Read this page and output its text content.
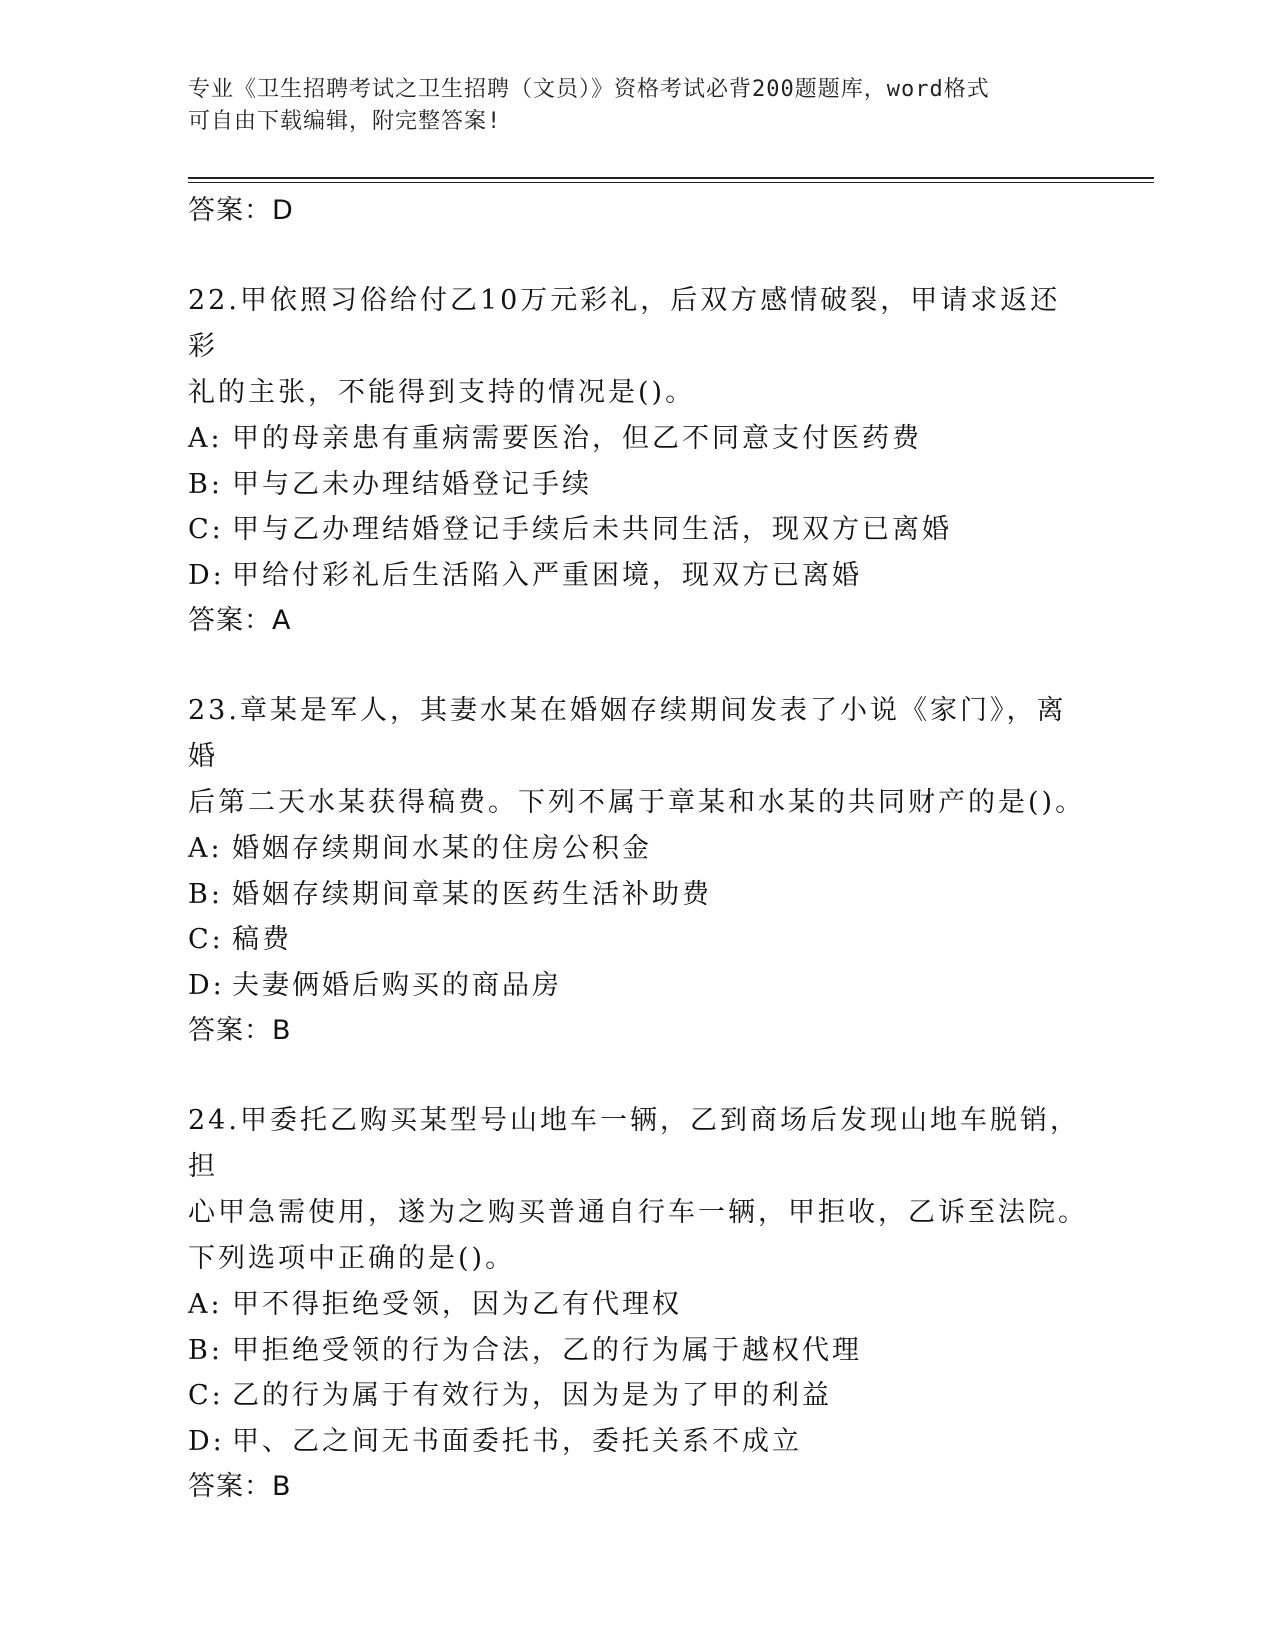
专业《卫生招聘考试之卫生招聘（文员）》资格考试必背200题题库，word格式
可自由下载编辑，附完整答案!
答案：D
22.甲依照习俗给付乙10万元彩礼，后双方感情破裂，甲请求返还彩
礼的主张，不能得到支持的情况是()。
A: 甲的母亲患有重病需要医治，但乙不同意支付医药费
B: 甲与乙未办理结婚登记手续
C: 甲与乙办理结婚登记手续后未共同生活，现双方已离婚
D: 甲给付彩礼后生活陷入严重困境，现双方已离婚
答案：A
23.章某是军人，其妻水某在婚姻存续期间发表了小说《家门》，离婚
后第二天水某获得稿费。下列不属于章某和水某的共同财产的是()。
A: 婚姻存续期间水某的住房公积金
B: 婚姻存续期间章某的医药生活补助费
C: 稿费
D: 夫妻俩婚后购买的商品房
答案：B
24.甲委托乙购买某型号山地车一辆，乙到商场后发现山地车脱销，担
心甲急需使用，遂为之购买普通自行车一辆，甲拒收，乙诉至法院。
下列选项中正确的是()。
A: 甲不得拒绝受领，因为乙有代理权
B: 甲拒绝受领的行为合法，乙的行为属于越权代理
C: 乙的行为属于有效行为，因为是为了甲的利益
D: 甲、乙之间无书面委托书，委托关系不成立
答案：B
